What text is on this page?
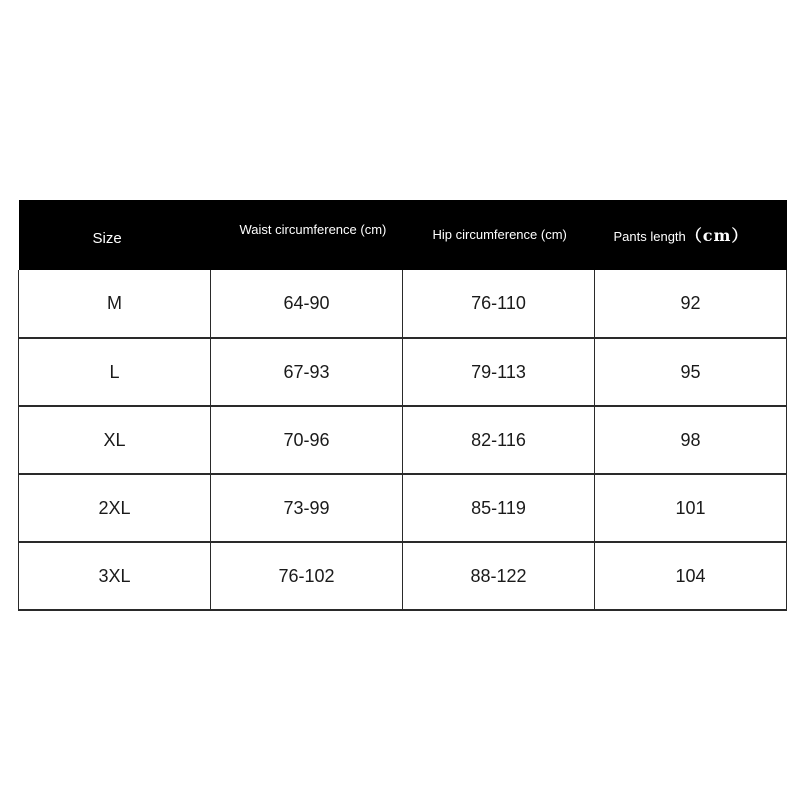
Size	Waist circumference (cm)	Hip circumference (cm)	Pants length（cm）
M	64-90	76-110	92
L	67-93	79-113	95
XL	70-96	82-116	98
2XL	73-99	85-119	101
3XL	76-102	88-122	104
